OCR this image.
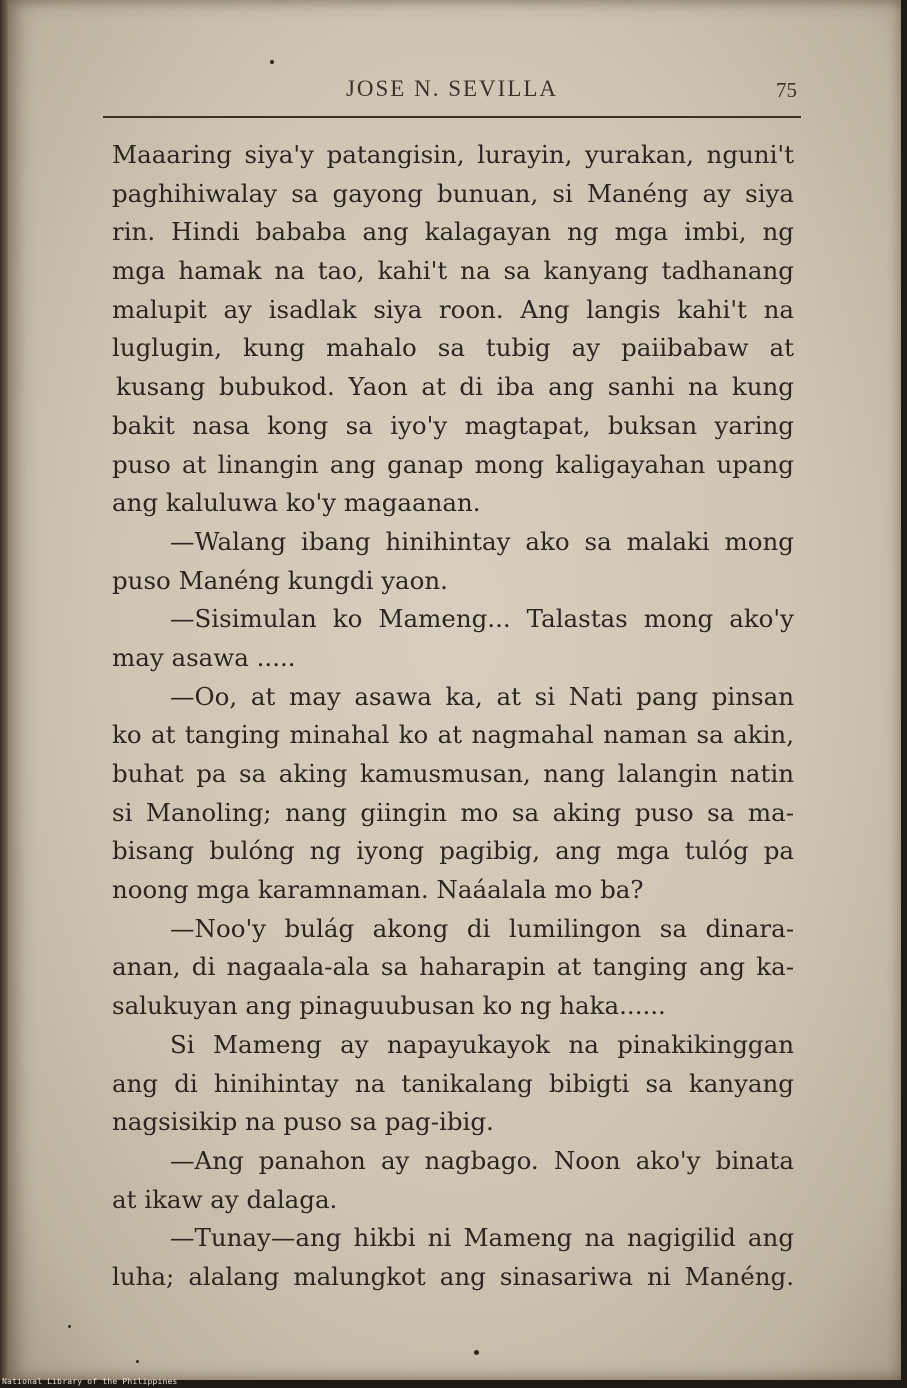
JOSE N. SEVILLA	75
Maaaring siya'y patangisin, lurayin, yurakan, nguni't
paghihiwalay sa gayong bunuan, si Manéng ay siya
rin. Hindi bababa ang kalagayan ng mga imbi, ng
mga hamak na tao, kahi't na sa kanyang tadhanang
malupit ay isadlak siya roon. Ang langis kahi't na
luglugin, kung mahalo sa tubig ay paiibabaw at
kusang bubukod. Yaon at di iba ang sanhi na kung
bakit nasa kong sa iyo'y magtapat, buksan yaring
puso at linangin ang ganap mong kaligayahan upang
ang kaluluwa ko'y magaanan.
—Walang ibang hinihintay ako sa malaki mong
puso Manéng kungdi yaon.
—Sisimulan ko Mameng... Talastas mong ako'y
may asawa .....
—Oo, at may asawa ka, at si Nati pang pinsan
ko at tanging minahal ko at nagmahal naman sa akin,
buhat pa sa aking kamusmusan, nang lalangin natin
si Manoling; nang giingin mo sa aking puso sa ma-
bisang bulóng ng iyong pagibig, ang mga tulóg pa
noong mga karamnaman. Naáalala mo ba?
—Noo'y bulág akong di lumilingon sa dinara-
anan, di nagaala-ala sa haharapin at tanging ang ka-
salukuyan ang pinaguubusan ko ng haka......
Si Mameng ay napayukayok na pinakikinggan
ang di hinihintay na tanikalang bibigti sa kanyang
nagsisikip na puso sa pag-ibig.
—Ang panahon ay nagbago. Noon ako'y binata
at ikaw ay dalaga.
—Tunay—ang hikbi ni Mameng na nagigilid ang
luha; alalang malungkot ang sinasariwa ni Manéng.
National Library of the Philippines
